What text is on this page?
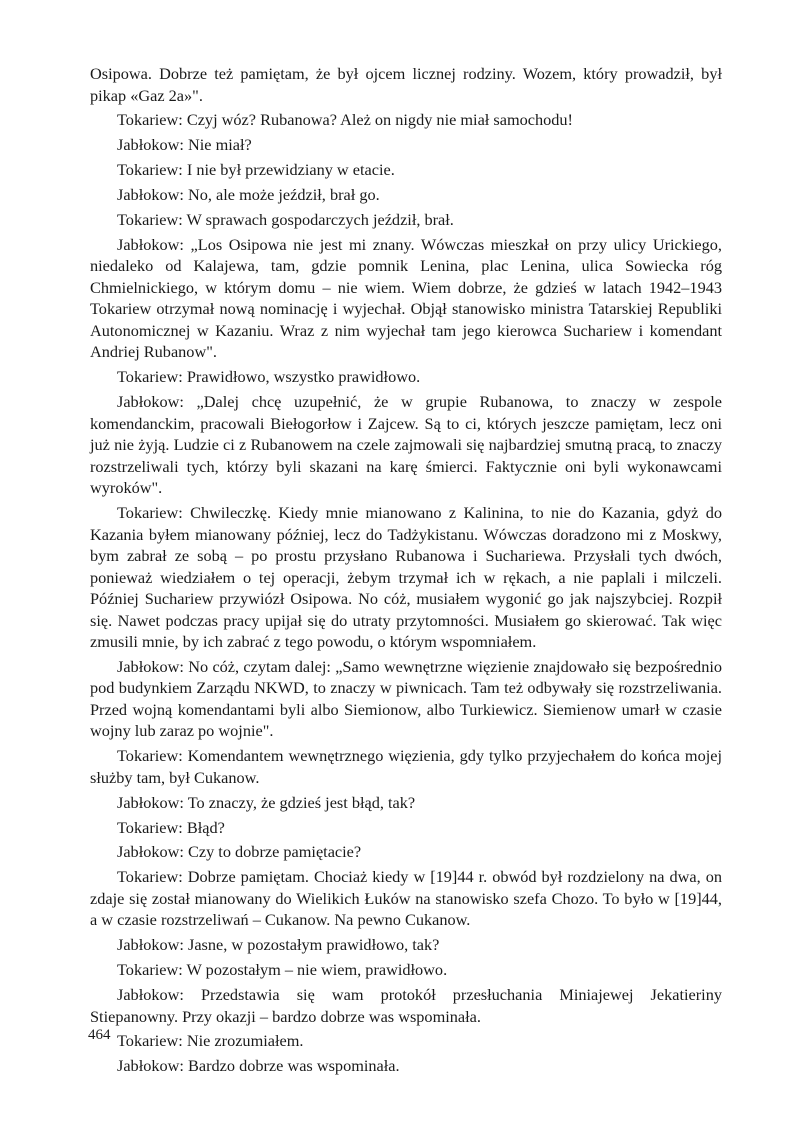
Osipowa. Dobrze też pamiętam, że był ojcem licznej rodziny. Wozem, który prowadził, był pikap «Gaz 2a»".

Tokariew: Czyj wóz? Rubanowa? Ależ on nigdy nie miał samochodu!

Jabłokow: Nie miał?

Tokariew: I nie był przewidziany w etacie.

Jabłokow: No, ale może jeździł, brał go.

Tokariew: W sprawach gospodarczych jeździł, brał.

Jabłokow: „Los Osipowa nie jest mi znany. Wówczas mieszkał on przy ulicy Urickiego, niedaleko od Kalajewa, tam, gdzie pomnik Lenina, plac Lenina, ulica Sowiecka róg Chmielnickiego, w którym domu – nie wiem. Wiem dobrze, że gdzieś w latach 1942–1943 Tokariew otrzymał nową nominację i wyjechał. Objął stanowisko ministra Tatarskiej Republiki Autonomicznej w Kazaniu. Wraz z nim wyjechał tam jego kierowca Suchariew i komendant Andriej Rubanow".

Tokariew: Prawidłowo, wszystko prawidłowo.

Jabłokow: „Dalej chcę uzupełnić, że w grupie Rubanowa, to znaczy w zespole komendanckim, pracowali Biełogorłow i Zajcew. Są to ci, których jeszcze pamiętam, lecz oni już nie żyją. Ludzie ci z Rubanowem na czele zajmowali się najbardziej smutną pracą, to znaczy rozstrzeliwali tych, którzy byli skazani na karę śmierci. Faktycznie oni byli wykonawcami wyroków".

Tokariew: Chwileczkę. Kiedy mnie mianowano z Kalinina, to nie do Kazania, gdyż do Kazania byłem mianowany później, lecz do Tadżykistanu. Wówczas doradzono mi z Moskwy, bym zabrał ze sobą – po prostu przysłano Rubanowa i Suchariewa. Przysłali tych dwóch, ponieważ wiedziałem o tej operacji, żebym trzymał ich w rękach, a nie paplali i milczeli. Później Suchariew przywiózł Osipowa. No cóż, musiałem wygonić go jak najszybciej. Rozpił się. Nawet podczas pracy upijał się do utraty przytomności. Musiałem go skierować. Tak więc zmusili mnie, by ich zabrać z tego powodu, o którym wspomniałem.

Jabłokow: No cóż, czytam dalej: „Samo wewnętrzne więzienie znajdowało się bezpośrednio pod budynkiem Zarządu NKWD, to znaczy w piwnicach. Tam też odbywały się rozstrzeliwania. Przed wojną komendantami byli albo Siemionow, albo Turkiewicz. Siemienow umarł w czasie wojny lub zaraz po wojnie".

Tokariew: Komendantem wewnętrznego więzienia, gdy tylko przyjechałem do końca mojej służby tam, był Cukanow.

Jabłokow: To znaczy, że gdzieś jest błąd, tak?

Tokariew: Błąd?

Jabłokow: Czy to dobrze pamiętacie?

Tokariew: Dobrze pamiętam. Chociaż kiedy w [19]44 r. obwód był rozdzielony na dwa, on zdaje się został mianowany do Wielikich Łuków na stanowisko szefa Chozo. To było w [19]44, a w czasie rozstrzeliwań – Cukanow. Na pewno Cukanow.

Jabłokow: Jasne, w pozostałym prawidłowo, tak?

Tokariew: W pozostałym – nie wiem, prawidłowo.

Jabłokow: Przedstawia się wam protokół przesłuchania Miniajewej Jekatieriny Stiepanowny. Przy okazji – bardzo dobrze was wspominała.

Tokariew: Nie zrozumiałem.

Jabłokow: Bardzo dobrze was wspominała.

464
